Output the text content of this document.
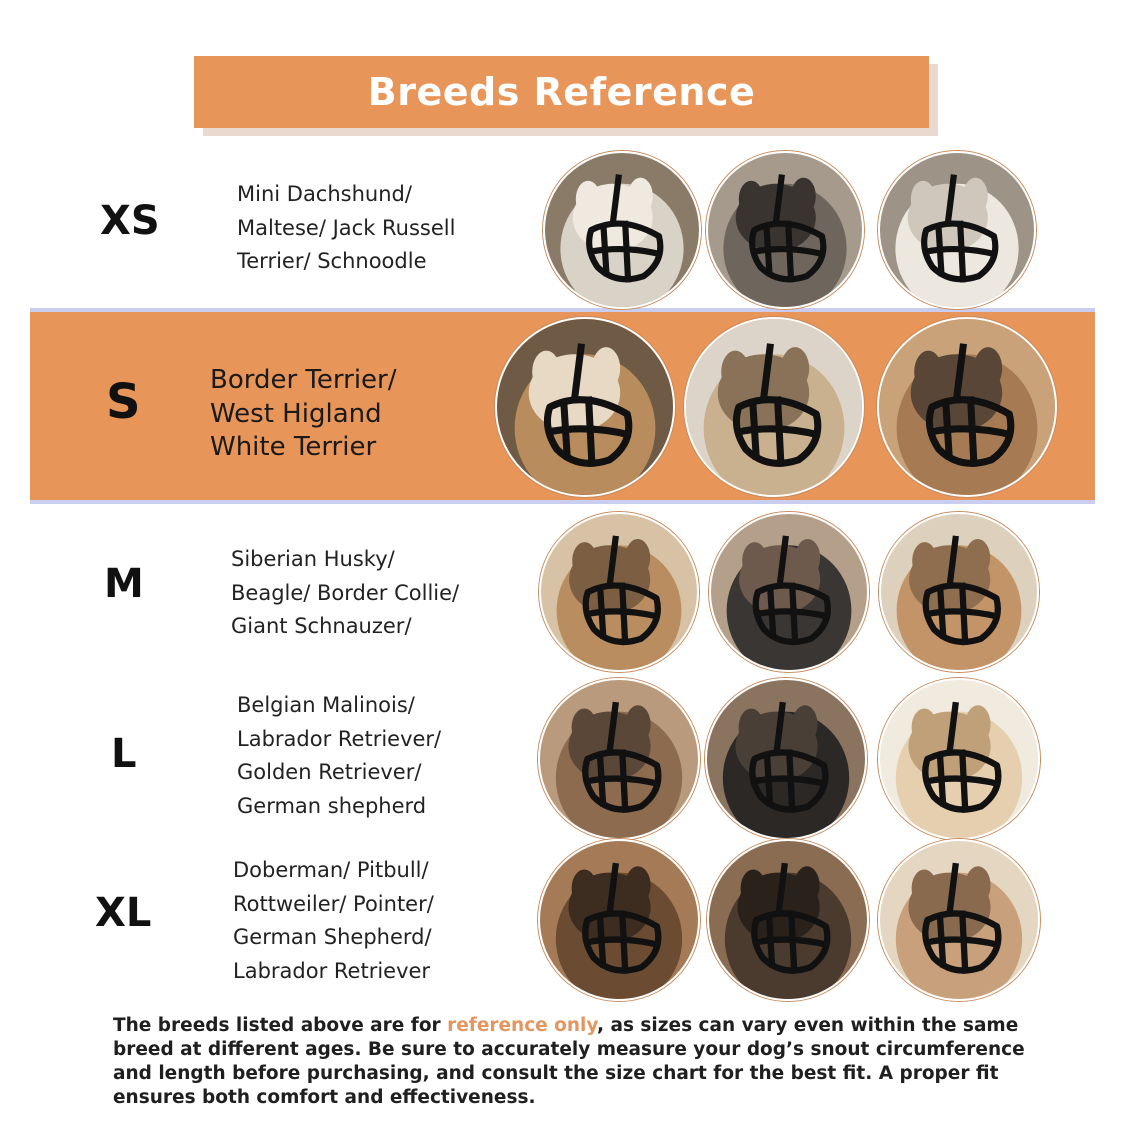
Breeds Reference
XS
Mini Dachshund/
Maltese/ Jack Russell
Terrier/ Schnoodle
S	Border Terrier/
West Higland
White Terrier
M
Siberian Husky/
Beagle/ Border Collie/
Giant Schnauzer/
L
Belgian Malinois/
Labrador Retriever/
Golden Retriever/
German shepherd
XL
Doberman/ Pitbull/
Rottweiler/ Pointer/
German Shepherd/
Labrador Retriever
The breeds listed above are for reference only, as sizes can vary even within the same breed at different ages. Be sure to accurately measure your dog’s snout circumference and length before purchasing, and consult the size chart for the best fit. A proper fit ensures both comfort and effectiveness.
